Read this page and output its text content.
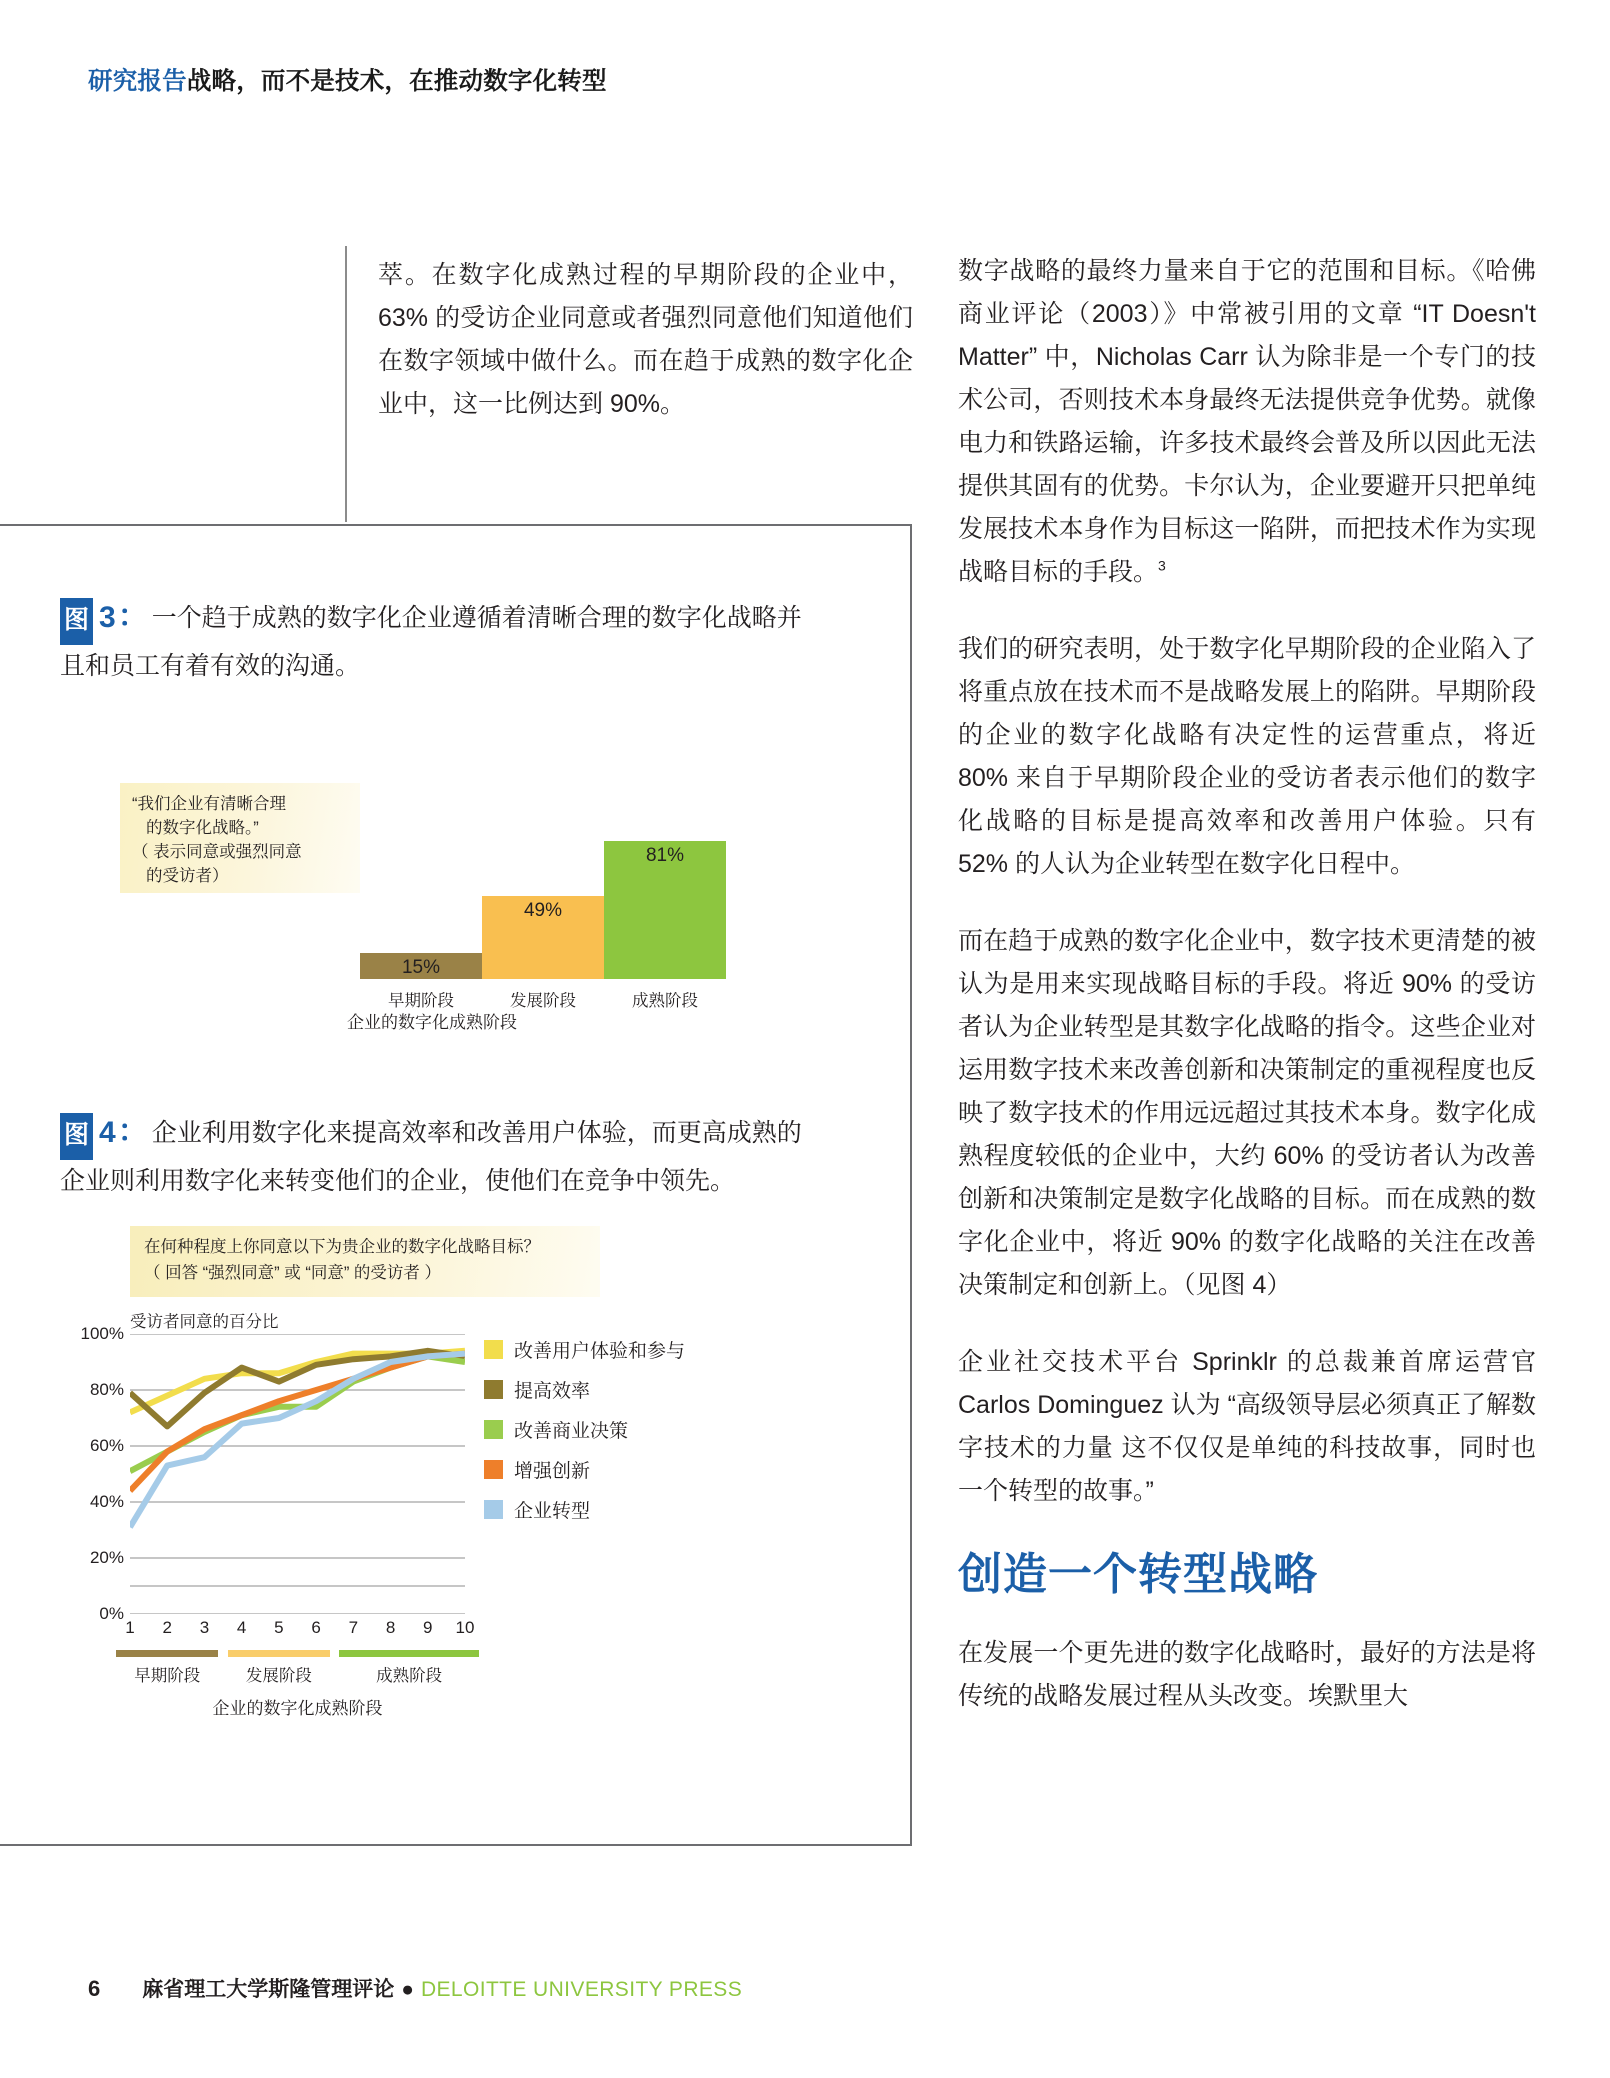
研究报告战略，而不是技术，在推动数字化转型
萃。在数字化成熟过程的早期阶段的企业中，63% 的受访企业同意或者强烈同意他们知道他们在数字领域中做什么。而在趋于成熟的数字化企业中，这一比例达到 90%。
图 3： 一个趋于成熟的数字化企业遵循着清晰合理的数字化战略并且和员工有着有效的沟通。
“我们企业有清晰合理
的数字化战略。”
（ 表示同意或强烈同意
的受访者）
15%
早期阶段
49%
发展阶段
81%
成熟阶段
企业的数字化成熟阶段
图 4： 企业利用数字化来提高效率和改善用户体验，而更高成熟的企业则利用数字化来转变他们的企业，使他们在竞争中领先。
在何种程度上你同意以下为贵企业的数字化战略目标？
（ 回答 “强烈同意” 或 “同意” 的受访者 ）
受访者同意的百分比
0%
20%
40%
60%
80%
100%
1 2 3 4 5 6 7 8 9 10
早期阶段	发展阶段	成熟阶段
企业的数字化成熟阶段
改善用户体验和参与
提高效率
改善商业决策
增强创新
企业转型

数字战略的最终力量来自于它的范围和目标。《哈佛商业评论（2003）》中常被引用的文章 “IT Doesn't Matter” 中，Nicholas Carr 认为除非是一个专门的技术公司，否则技术本身最终无法提供竞争优势。就像电力和铁路运输，许多技术最终会普及所以因此无法提供其固有的优势。卡尔认为，企业要避开只把单纯发展技术本身作为目标这一陷阱，而把技术作为实现战略目标的手段。$^3$

我们的研究表明，处于数字化早期阶段的企业陷入了将重点放在技术而不是战略发展上的陷阱。早期阶段的企业的数字化战略有决定性的运营重点，将近 80% 来自于早期阶段企业的受访者表示他们的数字化战略的目标是提高效率和改善用户体验。只有 52% 的人认为企业转型在数字化日程中。

而在趋于成熟的数字化企业中，数字技术更清楚的被认为是用来实现战略目标的手段。将近 90% 的受访者认为企业转型是其数字化战略的指令。这些企业对运用数字技术来改善创新和决策制定的重视程度也反映了数字技术的作用远远超过其技术本身。数字化成熟程度较低的企业中，大约 60% 的受访者认为改善创新和决策制定是数字化战略的目标。而在成熟的数字化企业中，将近 90% 的数字化战略的关注在改善决策制定和创新上。（见图 4）

企业社交技术平台 Sprinklr 的总裁兼首席运营官 Carlos Dominguez 认为 “高级领导层必须真正了解数字技术的力量 这不仅仅是单纯的科技故事，同时也一个转型的故事。”

创造一个转型战略

在发展一个更先进的数字化战略时，最好的方法是将传统的战略发展过程从头改变。埃默里大

6 麻省理工大学斯隆管理评论 ● DELOITTE UNIVERSITY PRESS
